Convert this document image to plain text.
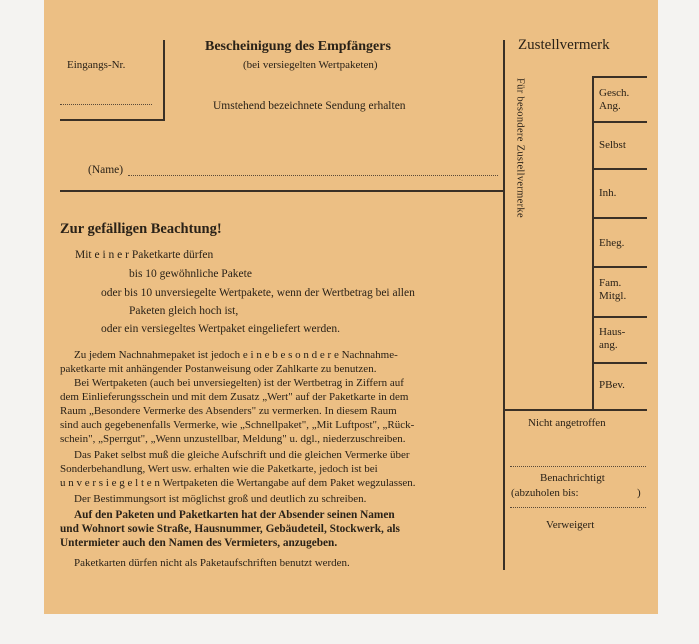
Eingangs-Nr.
Bescheinigung des Empfängers
(bei versiegelten Wertpaketen)
Umstehend bezeichnete Sendung erhalten
(Name)
Zur gefälligen Beachtung!
Mit e i n e r Paketkarte dürfen
bis 10 gewöhnliche Pakete
oder bis 10 unversiegelte Wertpakete, wenn der Wertbetrag bei allen
Paketen gleich hoch ist,
oder ein versiegeltes Wertpaket eingeliefert werden.
Zu jedem Nachnahmepaket ist jedoch e i n e b e s o n d e r e Nachnahme-
paketkarte mit anhängender Postanweisung oder Zahlkarte zu benutzen.
Bei Wertpaketen (auch bei unversiegelten) ist der Wertbetrag in Ziffern auf
dem Einlieferungsschein und mit dem Zusatz „Wert" auf der Paketkarte in dem
Raum „Besondere Vermerke des Absenders" zu vermerken. In diesem Raum
sind auch gegebenenfalls Vermerke, wie „Schnellpaket", „Mit Luftpost", „Rück-
schein", „Sperrgut", „Wenn unzustellbar, Meldung" u. dgl., niederzuschreiben.
Das Paket selbst muß die gleiche Aufschrift und die gleichen Vermerke über
Sonderbehandlung, Wert usw. erhalten wie die Paketkarte, jedoch ist bei
u n v e r s i e g e l t e n Wertpaketen die Wertangabe auf dem Paket wegzulassen.
Der Bestimmungsort ist möglichst groß und deutlich zu schreiben.
Auf den Paketen und Paketkarten hat der Absender seinen Namen
und Wohnort sowie Straße, Hausnummer, Gebäudeteil, Stockwerk, als
Untermieter auch den Namen des Vermieters, anzugeben.
Paketkarten dürfen nicht als Paketaufschriften benutzt werden.
Zustellvermerk
Für besondere Zustellvermerke	Gesch.
Ang.
Selbst
Inh.
Eheg.
Fam.
Mitgl.
Haus-
ang.
PBev.
Nicht angetroffen
Benachrichtigt
(abzuholen bis:	)
Verweigert
